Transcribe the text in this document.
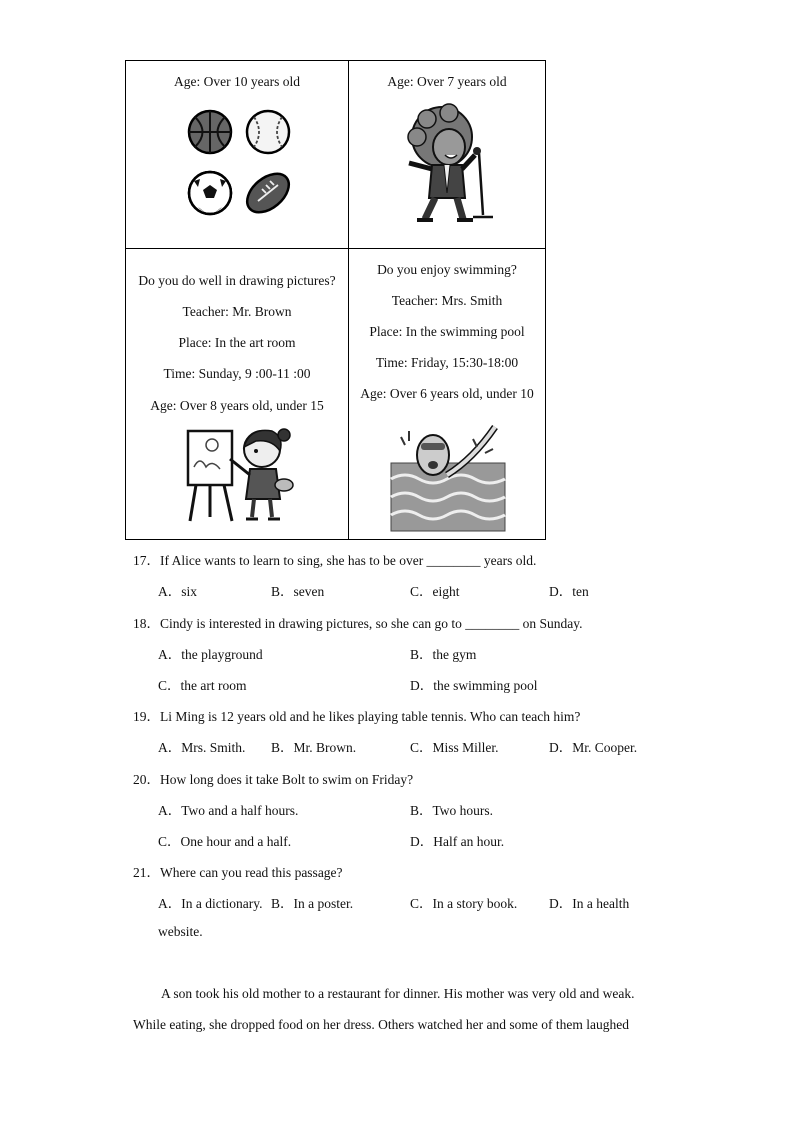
Age: Over 10 years old	Age: Over 7 years old
Do you do well in drawing pictures?
Teacher: Mr. Brown
Place: In the art room
Time: Sunday, 9 :00-11 :00
Age: Over 8 years old, under 15
Do you enjoy swimming?
Teacher: Mrs. Smith
Place: In the swimming pool
Time: Friday, 15:30-18:00
Age: Over 6 years old, under 10
17．If Alice wants to learn to sing, she has to be over ________ years old.
A．six	B．seven	C．eight	D．ten
18．Cindy is interested in drawing pictures, so she can go to ________ on Sunday.
A．the playground	B．the gym
C．the art room	D．the swimming pool
19．Li Ming is 12 years old and he likes playing table tennis. Who can teach him?
A．Mrs. Smith. B．Mr. Brown.	C．Miss Miller.	D．Mr. Cooper.
20．How long does it take Bolt to swim on Friday?
A．Two and a half hours.	B．Two hours.
C．One hour and a half.	D．Half an hour.
21．Where can you read this passage?
A．In a dictionary. B．In a poster.	C．In a story book. D．In a health
website.
A son took his old mother to a restaurant for dinner. His mother was very old and weak.
While eating, she dropped food on her dress. Others watched her and some of them laughed
